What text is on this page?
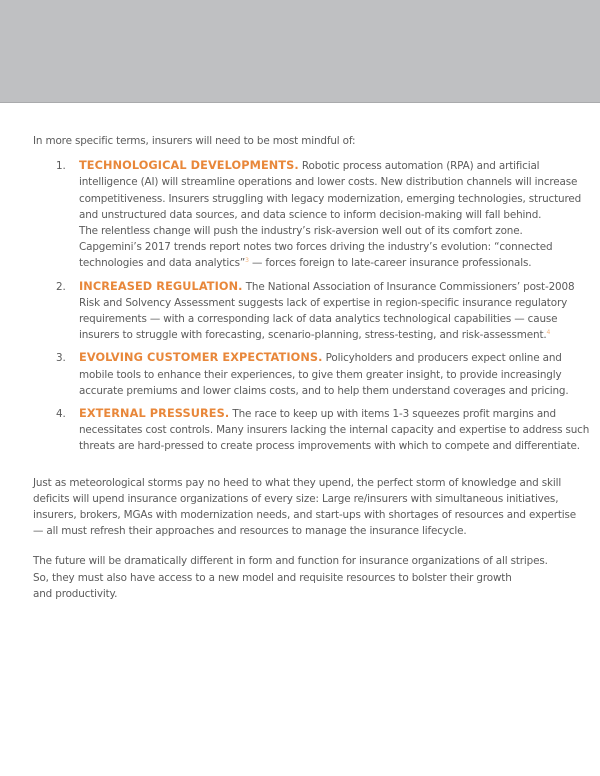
In more specific terms, insurers will need to be most mindful of:

1. TECHNOLOGICAL DEVELOPMENTS. Robotic process automation (RPA) and artificial
intelligence (AI) will streamline operations and lower costs. New distribution channels will increase
competitiveness. Insurers struggling with legacy modernization, emerging technologies, structured
and unstructured data sources, and data science to inform decision-making will fall behind.
The relentless change will push the industry’s risk-aversion well out of its comfort zone.
Capgemini’s 2017 trends report notes two forces driving the industry’s evolution: “connected
technologies and data analytics”$^3$ — forces foreign to late-career insurance professionals.
2. INCREASED REGULATION. The National Association of Insurance Commissioners’ post-2008
Risk and Solvency Assessment suggests lack of expertise in region-specific insurance regulatory
requirements — with a corresponding lack of data analytics technological capabilities — cause
insurers to struggle with forecasting, scenario-planning, stress-testing, and risk-assessment.$^4$
3. EVOLVING CUSTOMER EXPECTATIONS. Policyholders and producers expect online and
mobile tools to enhance their experiences, to give them greater insight, to provide increasingly
accurate premiums and lower claims costs, and to help them understand coverages and pricing.
4. EXTERNAL PRESSURES. The race to keep up with items 1-3 squeezes profit margins and
necessitates cost controls. Many insurers lacking the internal capacity and expertise to address such
threats are hard-pressed to create process improvements with which to compete and differentiate.

Just as meteorological storms pay no heed to what they upend, the perfect storm of knowledge and skill
deficits will upend insurance organizations of every size: Large re/insurers with simultaneous initiatives,
insurers, brokers, MGAs with modernization needs, and start-ups with shortages of resources and expertise
— all must refresh their approaches and resources to manage the insurance lifecycle.

The future will be dramatically different in form and function for insurance organizations of all stripes.
So, they must also have access to a new model and requisite resources to bolster their growth
and productivity.
